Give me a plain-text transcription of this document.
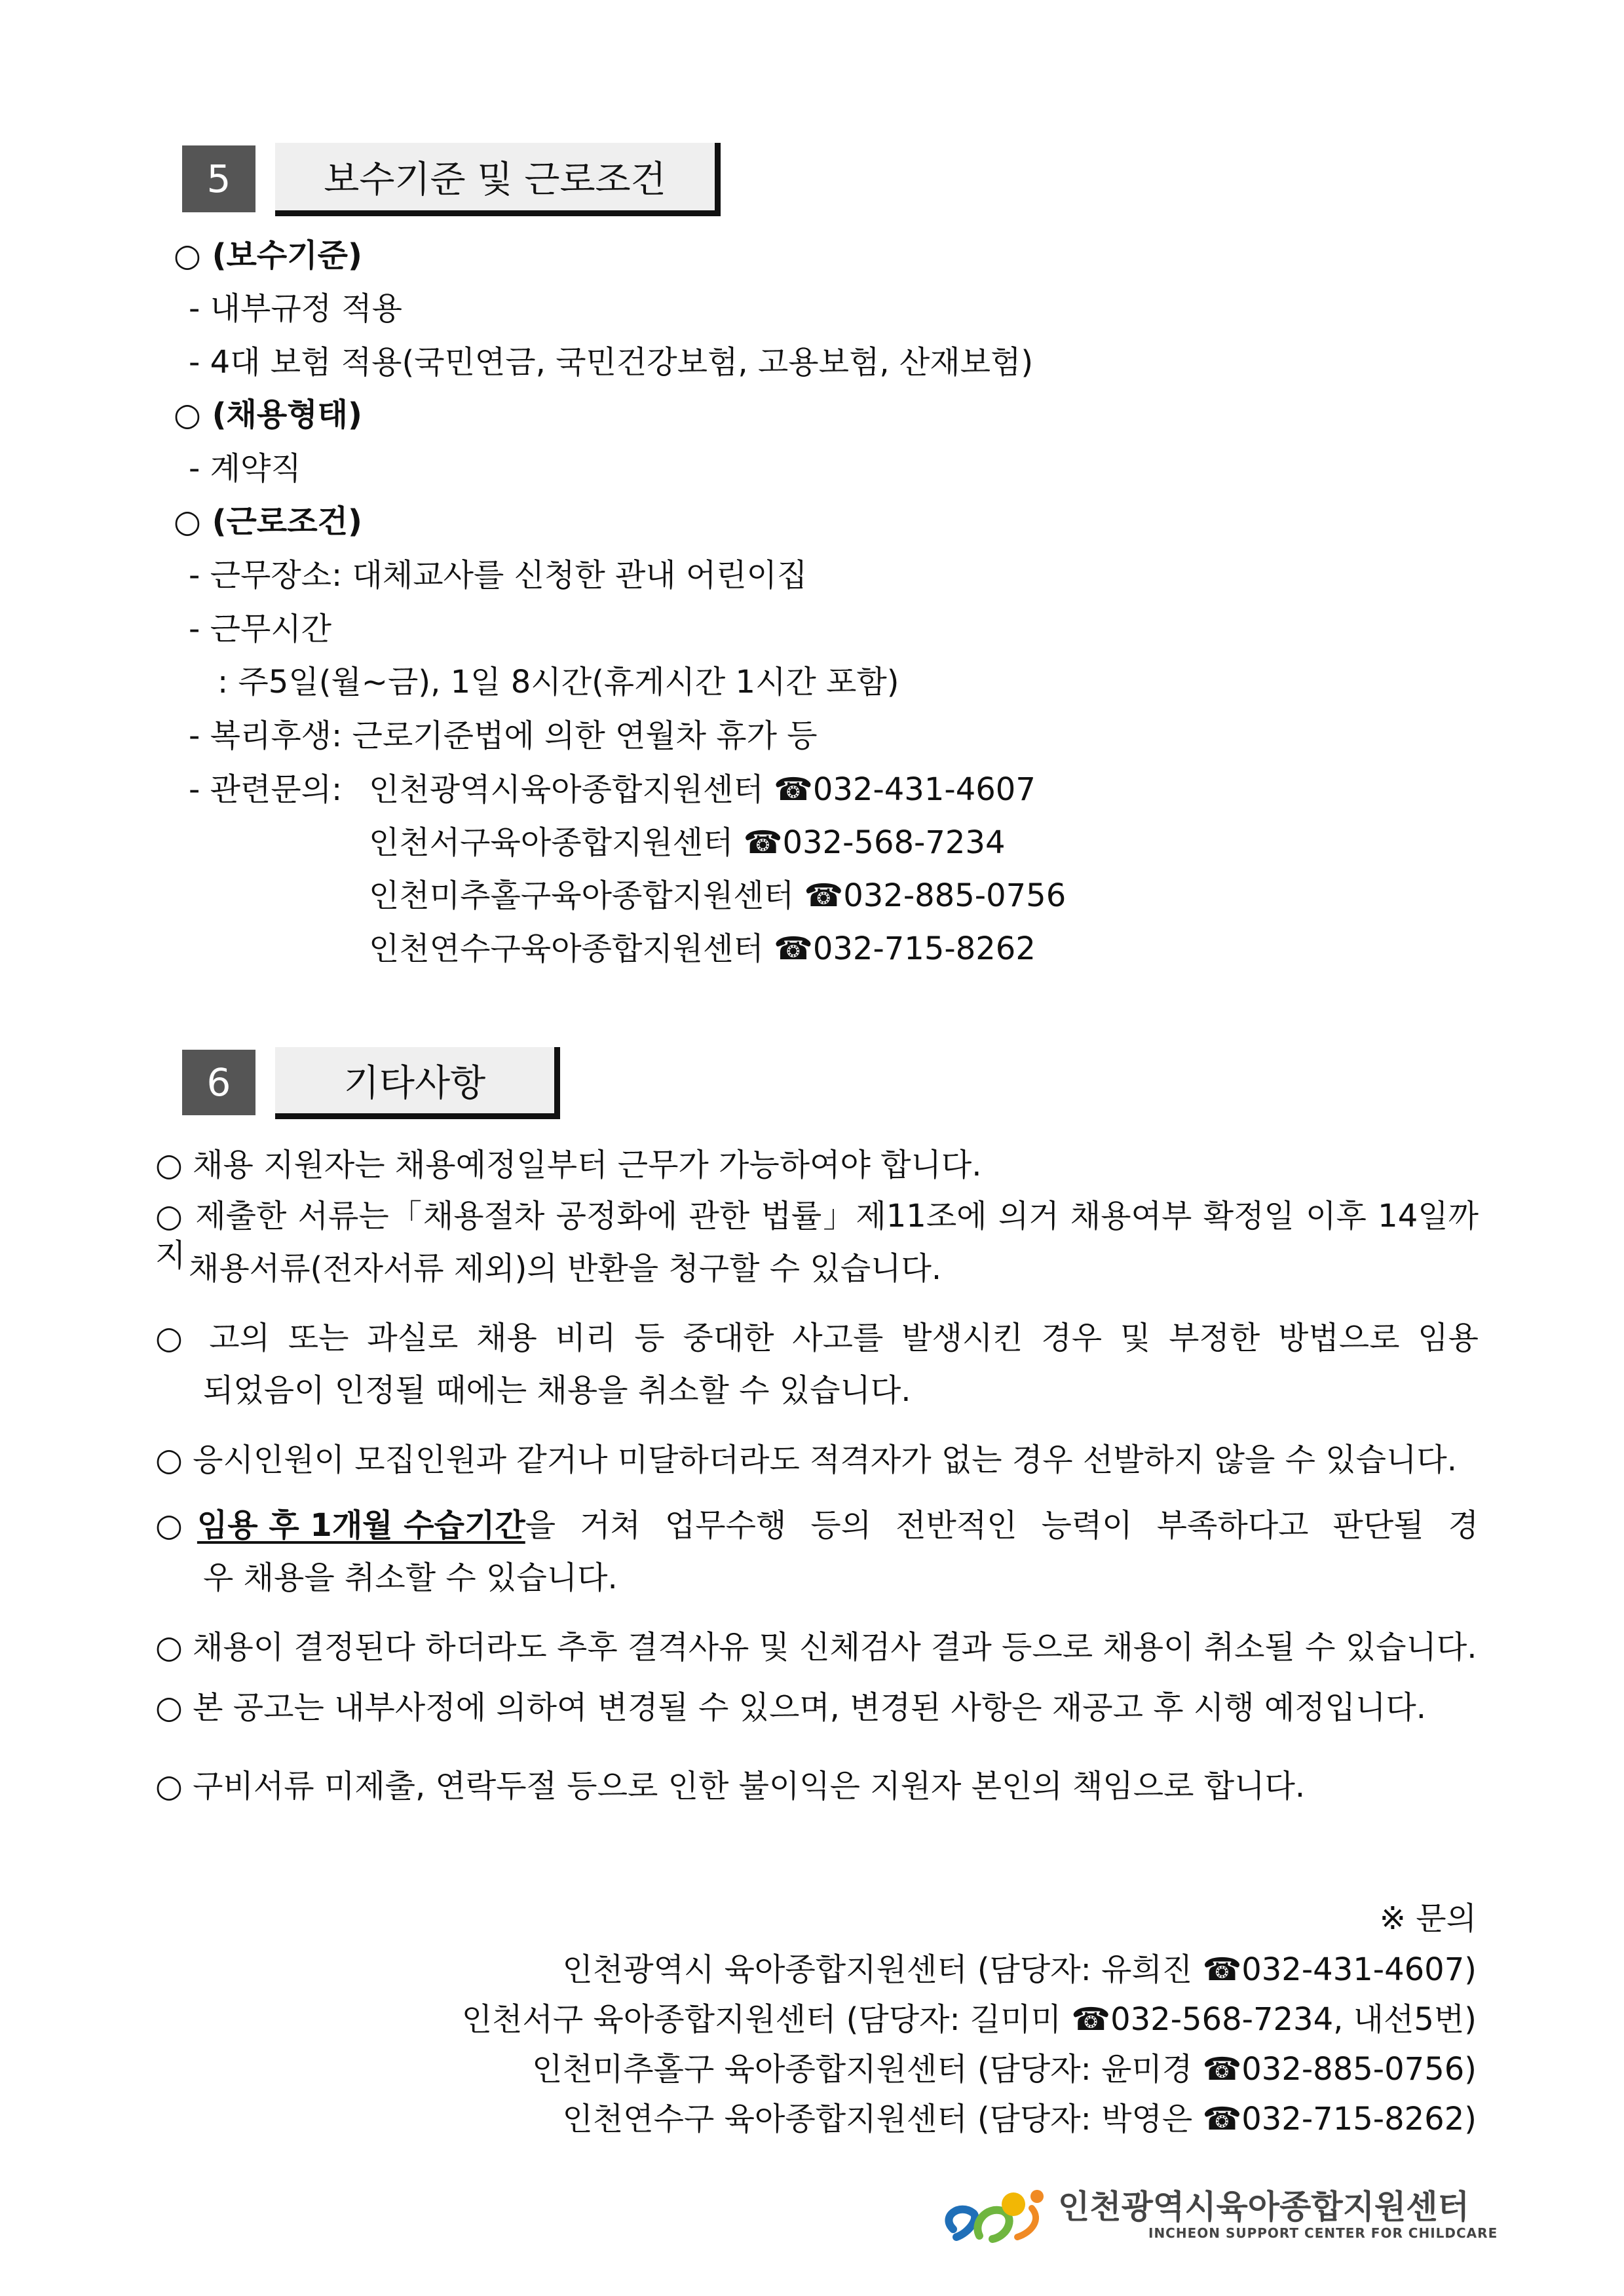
5	보수기준 및 근로조건
○ (보수기준)
- 내부규정 적용
- 4대 보험 적용(국민연금, 국민건강보험, 고용보험, 산재보험)
○ (채용형태)
- 계약직
○ (근로조건)
- 근무장소: 대체교사를 신청한 관내 어린이집
- 근무시간
: 주5일(월~금), 1일 8시간(휴게시간 1시간 포함)
- 복리후생: 근로기준법에 의한 연월차 휴가 등
- 관련문의: 인천광역시육아종합지원센터 ☎032-431-4607
인천서구육아종합지원센터 ☎032-568-7234
인천미추홀구육아종합지원센터 ☎032-885-0756
인천연수구육아종합지원센터 ☎032-715-8262
6	기타사항
○ 채용 지원자는 채용예정일부터 근무가 가능하여야 합니다.
○ 제출한 서류는「채용절차 공정화에 관한 법률」제11조에 의거 채용여부 확정일 이후 14일까지 채용서류(전자서류 제외)의 반환을 청구할 수 있습니다.
○ 고의 또는 과실로 채용 비리 등 중대한 사고를 발생시킨 경우 및 부정한 방법으로 임용
되었음이 인정될 때에는 채용을 취소할 수 있습니다.
○ 응시인원이 모집인원과 같거나 미달하더라도 적격자가 없는 경우 선발하지 않을 수 있습니다.
○ 임용 후 1개월 수습기간 을 거쳐 업무수행 등의 전반적인 능력이 부족하다고 판단될 경
우 채용을 취소할 수 있습니다.
○ 채용이 결정된다 하더라도 추후 결격사유 및 신체검사 결과 등으로 채용이 취소될 수 있습니다.
○ 본 공고는 내부사정에 의하여 변경될 수 있으며, 변경된 사항은 재공고 후 시행 예정입니다.
○ 구비서류 미제출, 연락두절 등으로 인한 불이익은 지원자 본인의 책임으로 합니다.
※ 문의
인천광역시 육아종합지원센터 (담당자: 유희진 ☎032-431-4607)
인천서구 육아종합지원센터 (담당자: 길미미 ☎032-568-7234, 내선5번)
인천미추홀구 육아종합지원센터 (담당자: 윤미경 ☎032-885-0756)
인천연수구 육아종합지원센터 (담당자: 박영은 ☎032-715-8262)
인천광역시육아종합지원센터
INCHEON SUPPORT CENTER FOR CHILDCARE
